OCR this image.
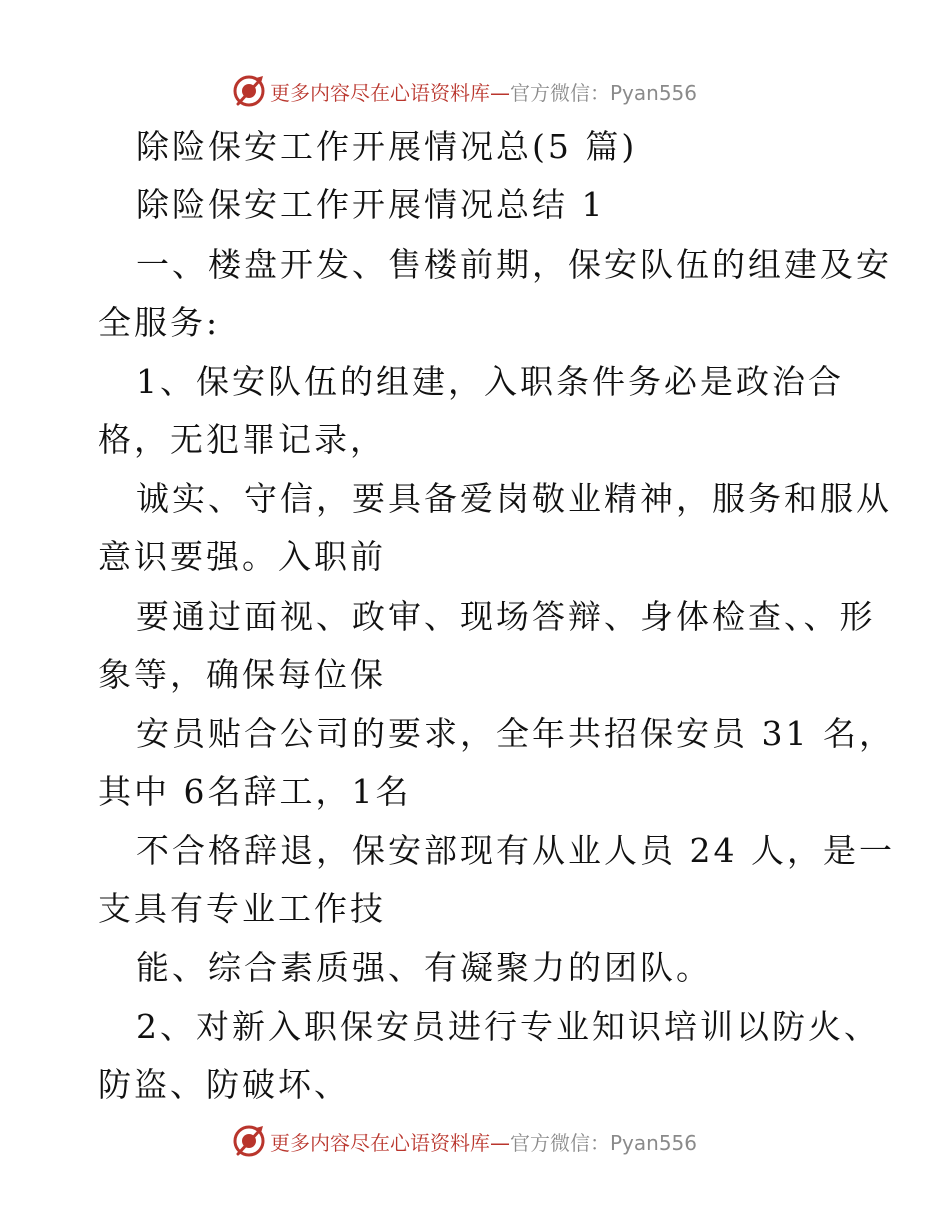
更多内容尽在心语资料库—官方微信：Pyan556
除险保安工作开展情况总(5 篇)
除险保安工作开展情况总结 1
一、楼盘开发、售楼前期，保安队伍的组建及安
全服务:
1、保安队伍的组建，入职条件务必是政治合
格，无犯罪记录，
诚实、守信，要具备爱岗敬业精神，服务和服从
意识要强。入职前
要通过面视、政审、现场答辩、身体检查、、形
象等，确保每位保
安员贴合公司的要求，全年共招保安员 31 名，
其中 6名辞工，1名
不合格辞退，保安部现有从业人员 24 人，是一
支具有专业工作技
能、综合素质强、有凝聚力的团队。
2、对新入职保安员进行专业知识培训以防火、
防盗、防破坏、
更多内容尽在心语资料库—官方微信：Pyan556
